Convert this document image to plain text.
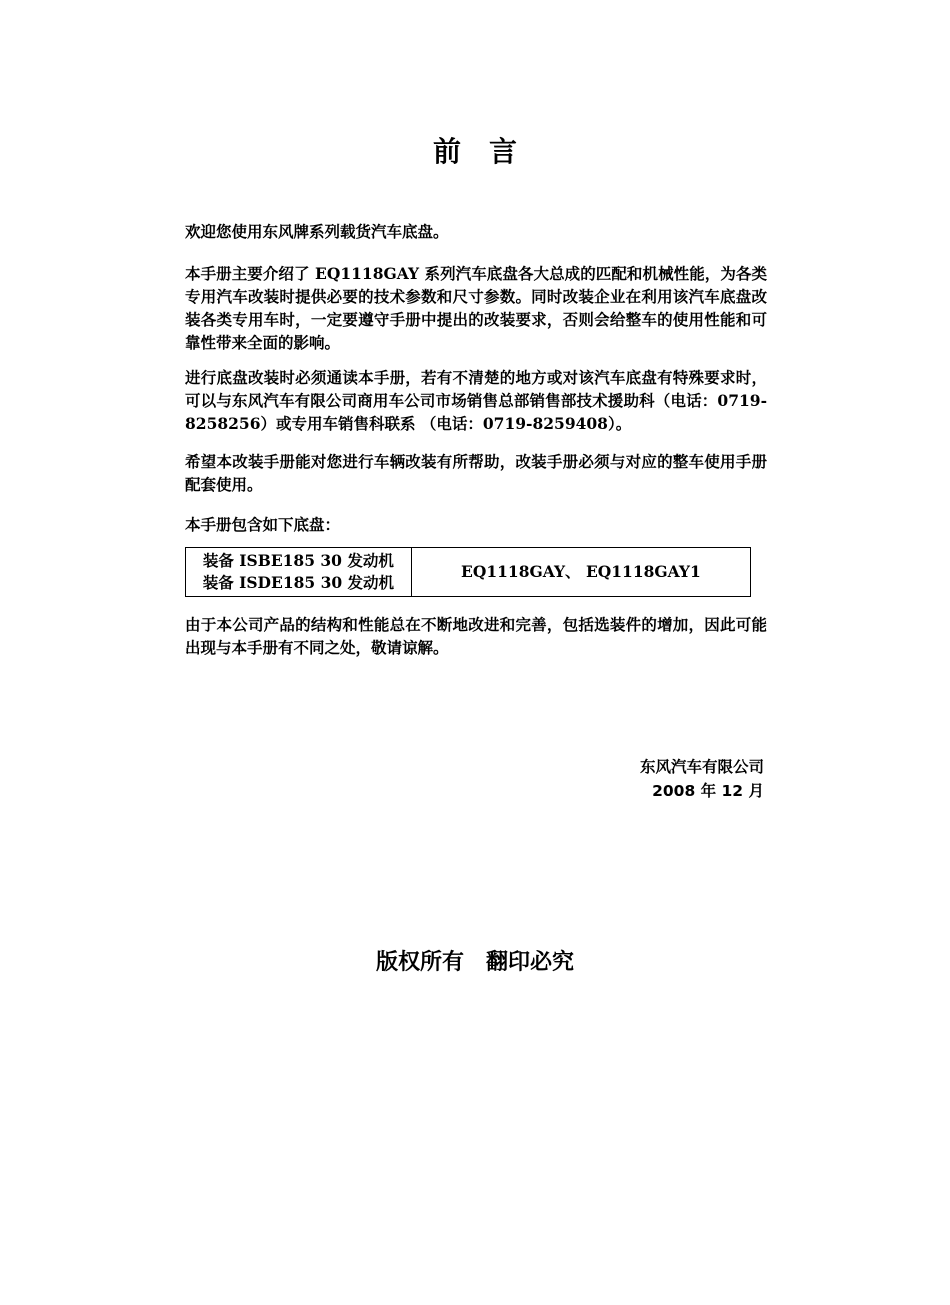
前　言

欢迎您使用东风牌系列载货汽车底盘。

本手册主要介绍了 EQ1118GAY 系列汽车底盘各大总成的匹配和机械性能，为各类专用汽车改装时提供必要的技术参数和尺寸参数。同时改装企业在利用该汽车底盘改装各类专用车时，一定要遵守手册中提出的改装要求，否则会给整车的使用性能和可靠性带来全面的影响。

进行底盘改装时必须通读本手册，若有不清楚的地方或对该汽车底盘有特殊要求时，可以与东风汽车有限公司商用车公司市场销售总部销售部技术援助科（电话：0719-8258256）或专用车销售科联系 （电话：0719-8259408）。

希望本改装手册能对您进行车辆改装有所帮助，改装手册必须与对应的整车使用手册配套使用。

本手册包含如下底盘：

装备 ISBE185 30 发动机
装备 ISDE185 30 发动机
	EQ1118GAY、 EQ1118GAY1

由于本公司产品的结构和性能总在不断地改进和完善，包括选装件的增加，因此可能出现与本手册有不同之处，敬请谅解。

东风汽车有限公司
2008 年 12 月
版权所有　翻印必究
